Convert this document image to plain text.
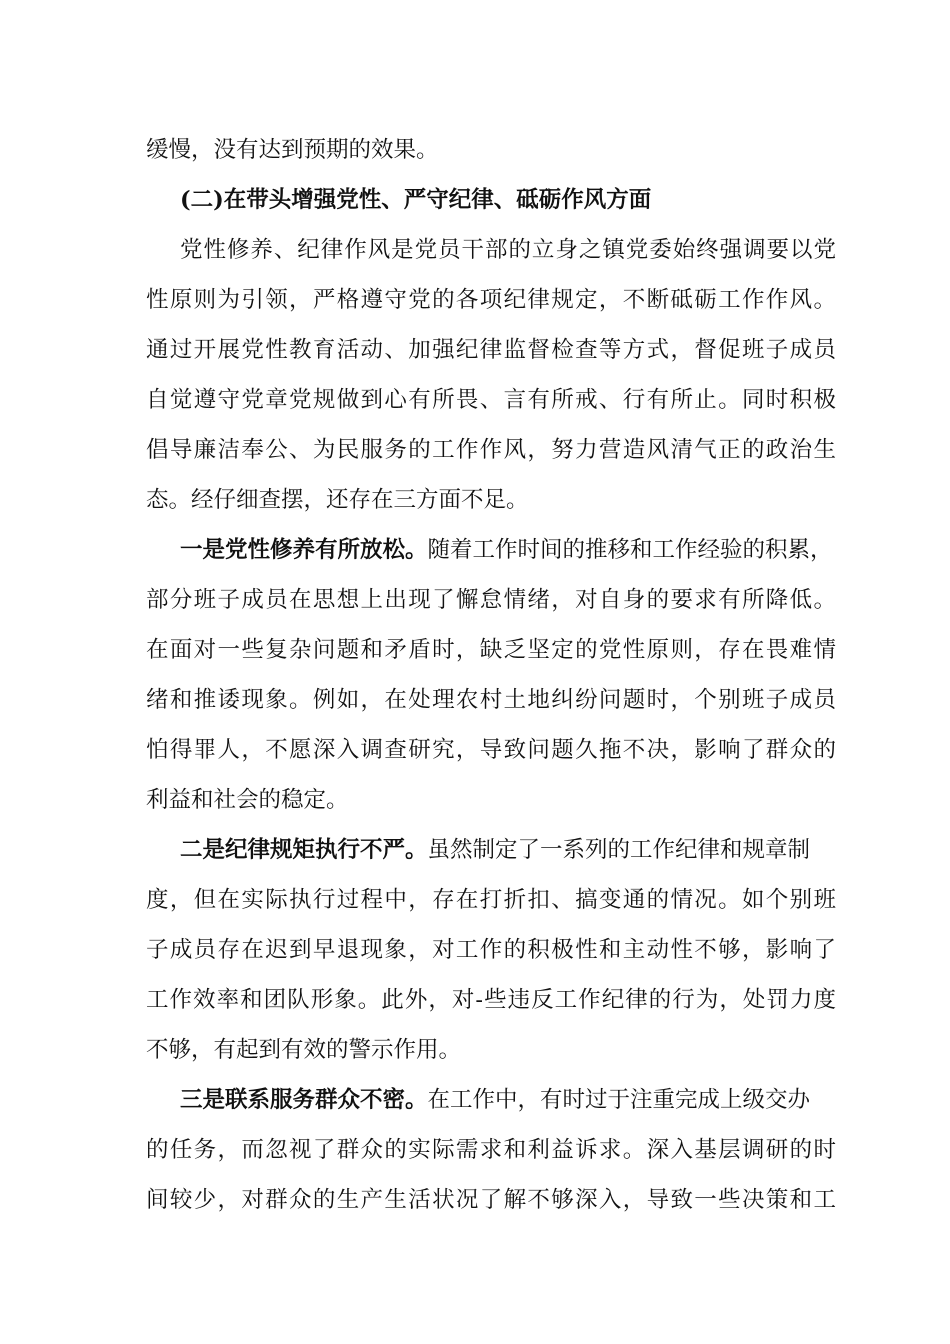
缓慢，没有达到预期的效果。
(二)在带头增强党性、严守纪律、砥砺作风方面
党性修养、纪律作风是党员干部的立身之镇党委始终强调要以党
性原则为引领，严格遵守党的各项纪律规定，不断砥砺工作作风。
通过开展党性教育活动、加强纪律监督检查等方式，督促班子成员
自觉遵守党章党规做到心有所畏、言有所戒、行有所止。同时积极
倡导廉洁奉公、为民服务的工作作风，努力营造风清气正的政治生
态。经仔细查摆，还存在三方面不足。
一是党性修养有所放松。随着工作时间的推移和工作经验的积累，
部分班子成员在思想上出现了懈怠情绪，对自身的要求有所降低。
在面对一些复杂问题和矛盾时，缺乏坚定的党性原则，存在畏难情
绪和推诿现象。例如，在处理农村土地纠纷问题时，个别班子成员
怕得罪人，不愿深入调查研究，导致问题久拖不决，影响了群众的
利益和社会的稳定。
二是纪律规矩执行不严。虽然制定了一系列的工作纪律和规章制
度，但在实际执行过程中，存在打折扣、搞变通的情况。如个别班
子成员存在迟到早退现象，对工作的积极性和主动性不够，影响了
工作效率和团队形象。此外，对-些违反工作纪律的行为，处罚力度
不够，有起到有效的警示作用。
三是联系服务群众不密。在工作中，有时过于注重完成上级交办
的任务，而忽视了群众的实际需求和利益诉求。深入基层调研的时
间较少，对群众的生产生活状况了解不够深入，导致一些决策和工
